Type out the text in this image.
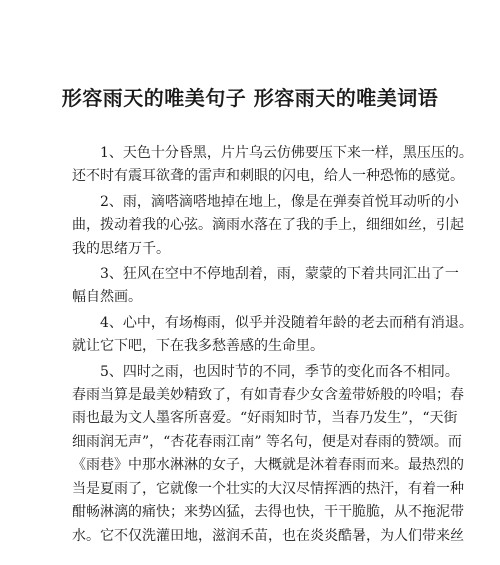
形容雨天的唯美句子 形容雨天的唯美词语

　　1、天色十分昏黑，片片乌云仿佛要压下来一样，黑压压的。
还不时有震耳欲聋的雷声和刺眼的闪电，给人一种恐怖的感觉。

　　2、雨，滴嗒滴嗒地掉在地上，像是在弹奏首悦耳动听的小
曲，拨动着我的心弦。滴雨水落在了我的手上，细细如丝，引起
我的思绪万千。

　　3、狂风在空中不停地刮着，雨，蒙蒙的下着共同汇出了一
幅自然画。

　　4、心中，有场梅雨，似乎并没随着年龄的老去而稍有消退。
就让它下吧，下在我多愁善感的生命里。

　　5、四时之雨，也因时节的不同，季节的变化而各不相同。
春雨当算是最美妙精致了，有如青春少女含羞带娇般的呤唱；春
雨也最为文人墨客所喜爱。“好雨知时节，当春乃发生”，“天街
细雨润无声”，“杏花春雨江南” 等名句，便是对春雨的赞颂。而
《雨巷》中那水淋淋的女子，大概就是沐着春雨而来。最热烈的
当是夏雨了，它就像一个壮实的大汉尽情挥洒的热汗，有着一种
酣畅淋漓的痛快；来势凶猛，去得也快，干干脆脆，从不拖泥带
水。它不仅洗灌田地，滋润禾苗，也在炎炎酷暑，为人们带来丝
